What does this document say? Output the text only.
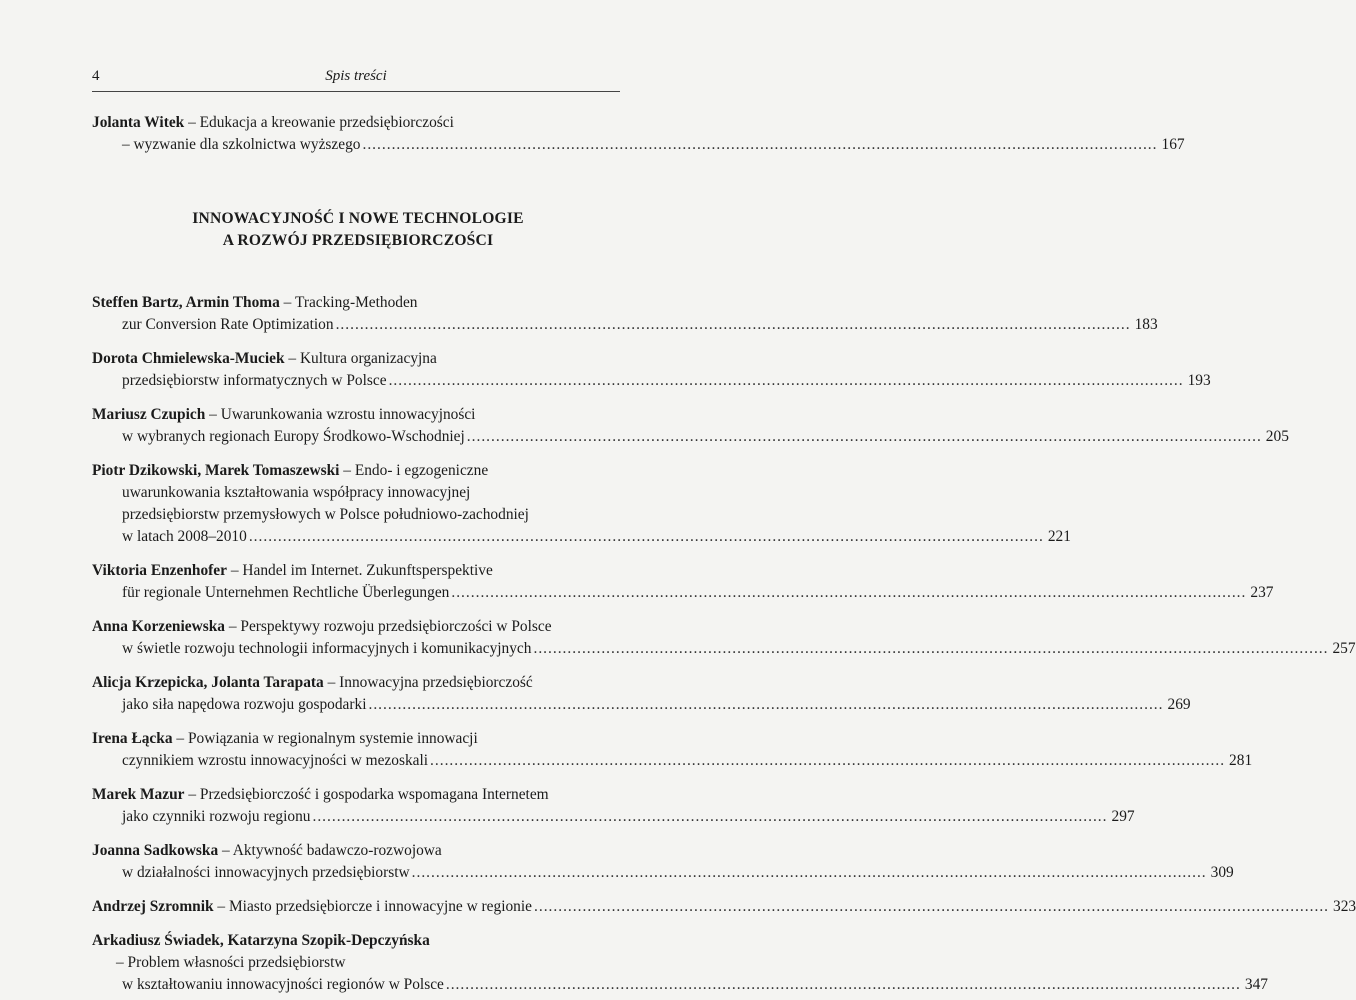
4	Spis treści
Jolanta Witek – Edukacja a kreowanie przedsiębiorczości
– wyzwanie dla szkolnictwa wyższego .................................................................................................................................................................... 167
INNOWACYJNOŚĆ I NOWE TECHNOLOGIE
A ROZWÓJ PRZEDSIĘBIORCZOŚCI
Steffen Bartz, Armin Thoma – Tracking-Methoden
zur Conversion Rate Optimization .................................................................................................................................................................... 183
Dorota Chmielewska-Muciek – Kultura organizacyjna
przedsiębiorstw informatycznych w Polsce .................................................................................................................................................................... 193
Mariusz Czupich – Uwarunkowania wzrostu innowacyjności
w wybranych regionach Europy Środkowo-Wschodniej .................................................................................................................................................................... 205
Piotr Dzikowski, Marek Tomaszewski – Endo- i egzogeniczne
uwarunkowania kształtowania współpracy innowacyjnej
przedsiębiorstw przemysłowych w Polsce południowo-zachodniej
w latach 2008–2010 .................................................................................................................................................................... 221
Viktoria Enzenhofer – Handel im Internet. Zukunftsperspektive
für regionale Unternehmen Rechtliche Überlegungen .................................................................................................................................................................... 237
Anna Korzeniewska – Perspektywy rozwoju przedsiębiorczości w Polsce
w świetle rozwoju technologii informacyjnych i komunikacyjnych .................................................................................................................................................................... 257
Alicja Krzepicka, Jolanta Tarapata – Innowacyjna przedsiębiorczość
jako siła napędowa rozwoju gospodarki .................................................................................................................................................................... 269
Irena Łącka – Powiązania w regionalnym systemie innowacji
czynnikiem wzrostu innowacyjności w mezoskali .................................................................................................................................................................... 281
Marek Mazur – Przedsiębiorczość i gospodarka wspomagana Internetem
jako czynniki rozwoju regionu .................................................................................................................................................................... 297
Joanna Sadkowska – Aktywność badawczo-rozwojowa
w działalności innowacyjnych przedsiębiorstw .................................................................................................................................................................... 309
Andrzej Szromnik
–
Miasto przedsiębiorcze i innowacyjne w regionie .................................................................................................................................................................... 323
Arkadiusz Świadek, Katarzyna Szopik-Depczyńska
– Problem własności przedsiębiorstw
w kształtowaniu innowacyjności regionów w Polsce .................................................................................................................................................................... 347
